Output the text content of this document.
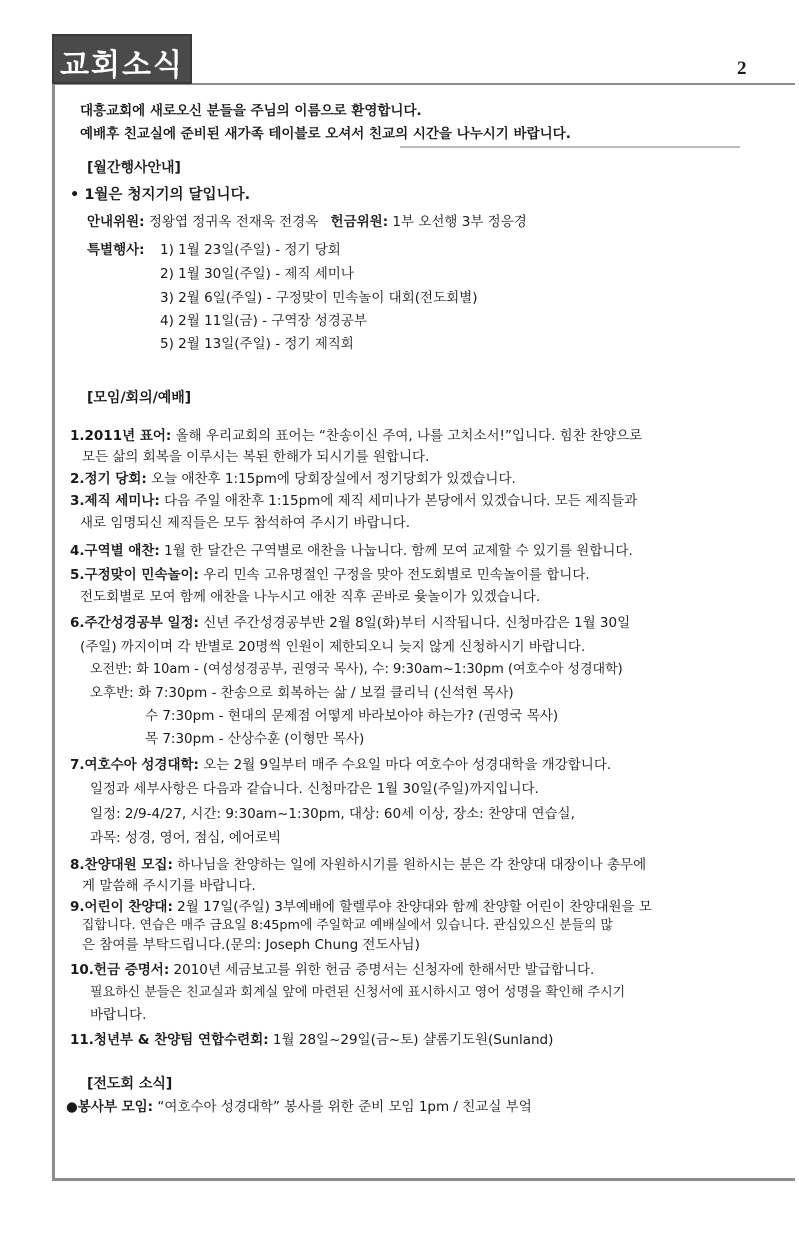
교회소식	2
대흥교회에 새로오신 분들을 주님의 이름으로 환영합니다.
예배후 친교실에 준비된 새가족 테이블로 오셔서 친교의 시간을 나누시기 바랍니다.
[월간행사안내]
• 1월은 청지기의 달입니다.
안내위원: 정왕엽 정귀옥 전재욱 전경옥 헌금위원: 1부 오선행 3부 정응경
특별행사: 1) 1월 23일(주일) - 정기 당회
2) 1월 30일(주일) - 제직 세미나
3) 2월 6일(주일) - 구정맞이 민속놀이 대회(전도회별)
4) 2월 11일(금) - 구역장 성경공부
5) 2월 13일(주일) - 정기 제직회
[모임/회의/예배]
1.2011년 표어: 올해 우리교회의 표어는 “찬송이신 주여, 나를 고치소서!”입니다. 힘찬 찬양으로
모든 삶의 회복을 이루시는 복된 한해가 되시기를 원합니다.
2.정기 당회: 오늘 애찬후 1:15pm에 당회장실에서 정기당회가 있겠습니다.
3.제직 세미나: 다음 주일 애찬후 1:15pm에 제직 세미나가 본당에서 있겠습니다. 모든 제직들과
새로 임명되신 제직들은 모두 참석하여 주시기 바랍니다.
4.구역별 애찬: 1월 한 달간은 구역별로 애찬을 나눕니다. 함께 모여 교제할 수 있기를 원합니다.
5.구정맞이 민속놀이: 우리 민속 고유명절인 구정을 맞아 전도회별로 민속놀이를 합니다.
전도회별로 모여 함께 애찬을 나누시고 애찬 직후 곧바로 윷놀이가 있겠습니다.
6.주간성경공부 일정: 신년 주간성경공부반 2월 8일(화)부터 시작됩니다. 신청마감은 1월 30일
(주일) 까지이며 각 반별로 20명씩 인원이 제한되오니 늦지 않게 신청하시기 바랍니다.
오전반: 화 10am - (여성성경공부, 권영국 목사), 수: 9:30am~1:30pm (여호수아 성경대학)
오후반: 화 7:30pm - 찬송으로 회복하는 삶 / 보컬 클리닉 (신석현 목사)
수 7:30pm - 현대의 문제점 어떻게 바라보아야 하는가? (권영국 목사)
목 7:30pm - 산상수훈 (이형만 목사)
7.여호수아 성경대학: 오는 2월 9일부터 매주 수요일 마다 여호수아 성경대학을 개강합니다.
일정과 세부사항은 다음과 같습니다. 신청마감은 1월 30일(주일)까지입니다.
일정: 2/9-4/27, 시간: 9:30am~1:30pm, 대상: 60세 이상, 장소: 찬양대 연습실,
과목: 성경, 영어, 점심, 에어로빅
8.찬양대원 모집: 하나님을 찬양하는 일에 자원하시기를 원하시는 분은 각 찬양대 대장이나 총무에
게 말씀해 주시기를 바랍니다.
9.어린이 찬양대: 2월 17일(주일) 3부예배에 할렐루야 찬양대와 함께 찬양할 어린이 찬양대원을 모
집합니다. 연습은 매주 금요일 8:45pm에 주일학교 예배실에서 있습니다. 관심있으신 분들의 많
은 참여를 부탁드립니다.(문의: Joseph Chung 전도사님)
10.헌금 증명서: 2010년 세금보고를 위한 헌금 증명서는 신청자에 한해서만 발급합니다.
필요하신 분들은 친교실과 회계실 앞에 마련된 신청서에 표시하시고 영어 성명을 확인해 주시기
바랍니다.
11.청년부 & 찬양팀 연합수련회: 1월 28일~29일(금~토) 샬롬기도원(Sunland)
[전도회 소식]
●봉사부 모임: “여호수아 성경대학” 봉사를 위한 준비 모임 1pm / 친교실 부엌
